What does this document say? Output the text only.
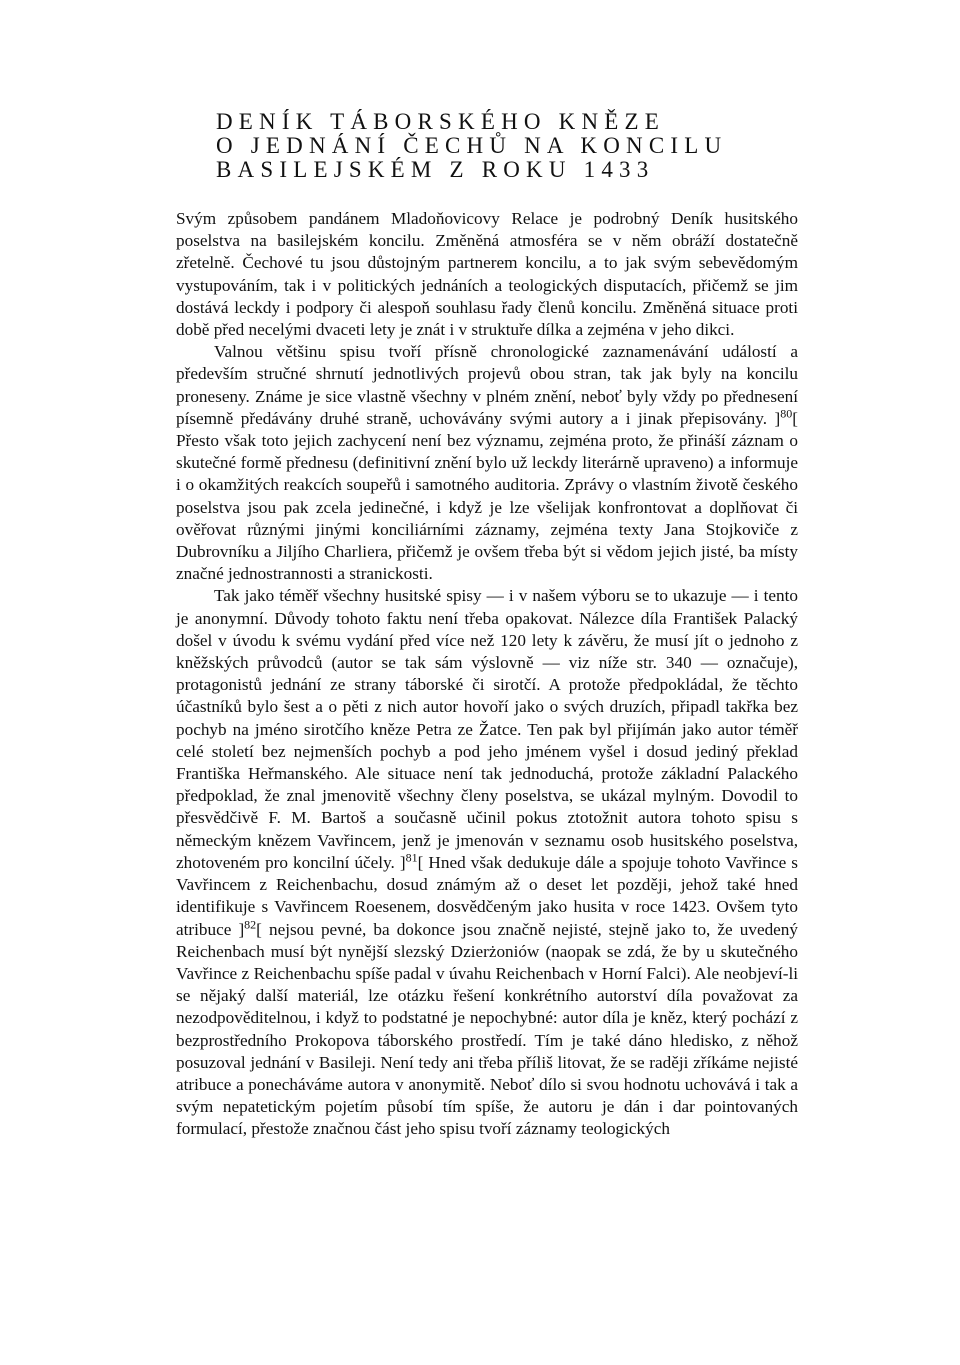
DENÍK TÁBORSKÉHO KNĚZE
O JEDNÁNÍ ČECHŮ NA KONCILU
BASILEJSKÉM Z ROKU 1433

Svým způsobem pandánem Mladoňovicovy Relace je podrobný Deník husitského poselstva na basilejském koncilu. Změněná atmosféra se v něm obráží dostatečně zřetelně. Čechové tu jsou důstojným partnerem koncilu, a to jak svým sebevědomým vystupováním, tak i v politických jednáních a teologických disputacích, přičemž se jim dostává leckdy i podpory či alespoň souhlasu řady členů koncilu. Změněná situace proti době před necelými dvaceti lety je znát i v struktuře dílka a zejména v jeho dikci.

Valnou většinu spisu tvoří přísně chronologické zaznamenávání událostí a především stručné shrnutí jednotlivých projevů obou stran, tak jak byly na koncilu proneseny. Známe je sice vlastně všechny v plném znění, neboť byly vždy po přednesení písemně předávány druhé straně, uchovávány svými autory a i jinak přepisovány. ]$^{80}$[ Přesto však toto jejich zachycení není bez významu, zejména proto, že přináší záznam o skutečné formě přednesu (definitivní znění bylo už leckdy literárně upraveno) a informuje i o okamžitých reakcích soupeřů i samotného auditoria. Zprávy o vlastním životě českého poselstva jsou pak zcela jedinečné, i když je lze všelijak konfrontovat a doplňovat či ověřovat různými jinými konciliárními záznamy, zejména texty Jana Stojkoviče z Dubrovníku a Jiljího Charliera, přičemž je ovšem třeba být si vědom jejich jisté, ba místy značné jednostrannosti a stranickosti.

Tak jako téměř všechny husitské spisy — i v našem výboru se to ukazuje — i tento je anonymní. Důvody tohoto faktu není třeba opakovat. Nálezce díla František Palacký došel v úvodu k svému vydání před více než 120 lety k závěru, že musí jít o jednoho z kněžských průvodců (autor se tak sám výslovně — viz níže str. 340 — označuje), protagonistů jednání ze strany táborské či sirotčí. A protože předpokládal, že těchto účastníků bylo šest a o pěti z nich autor hovoří jako o svých druzích, připadl takřka bez pochyb na jméno sirotčího kněze Petra ze Žatce. Ten pak byl přijímán jako autor téměř celé století bez nejmenších pochyb a pod jeho jménem vyšel i dosud jediný překlad Františka Heřmanského. Ale situace není tak jednoduchá, protože základní Palackého předpoklad, že znal jmenovitě všechny členy poselstva, se ukázal mylným. Dovodil to přesvědčivě F. M. Bartoš a současně učinil pokus ztotožnit autora tohoto spisu s německým knězem Vavřincem, jenž je jmenován v seznamu osob husitského poselstva, zhotoveném pro koncilní účely. ]$^{81}$[ Hned však dedukuje dále a spojuje tohoto Vavřince s Vavřincem z Reichenbachu, dosud známým až o deset let později, jehož také hned identifikuje s Vavřincem Roesenem, dosvědčeným jako husita v roce 1423. Ovšem tyto atribuce ]$^{82}$[ nejsou pevné, ba dokonce jsou značně nejisté, stejně jako to, že uvedený Reichenbach musí být nynější slezský Dzierżoniów (naopak se zdá, že by u skutečného Vavřince z Reichenbachu spíše padal v úvahu Reichenbach v Horní Falci). Ale neobjeví-li se nějaký další materiál, lze otázku řešení konkrétního autorství díla považovat za nezodpověditelnou, i když to podstatné je nepochybné: autor díla je kněz, který pochází z bezprostředního Prokopova táborského prostředí. Tím je také dáno hledisko, z něhož posuzoval jednání v Basileji. Není tedy ani třeba příliš litovat, že se raději zříkáme nejisté atribuce a ponecháváme autora v anonymitě. Neboť dílo si svou hodnotu uchovává i tak a svým nepatetickým pojetím působí tím spíše, že autoru je dán i dar pointovaných formulací, přestože značnou část jeho spisu tvoří záznamy teologických
